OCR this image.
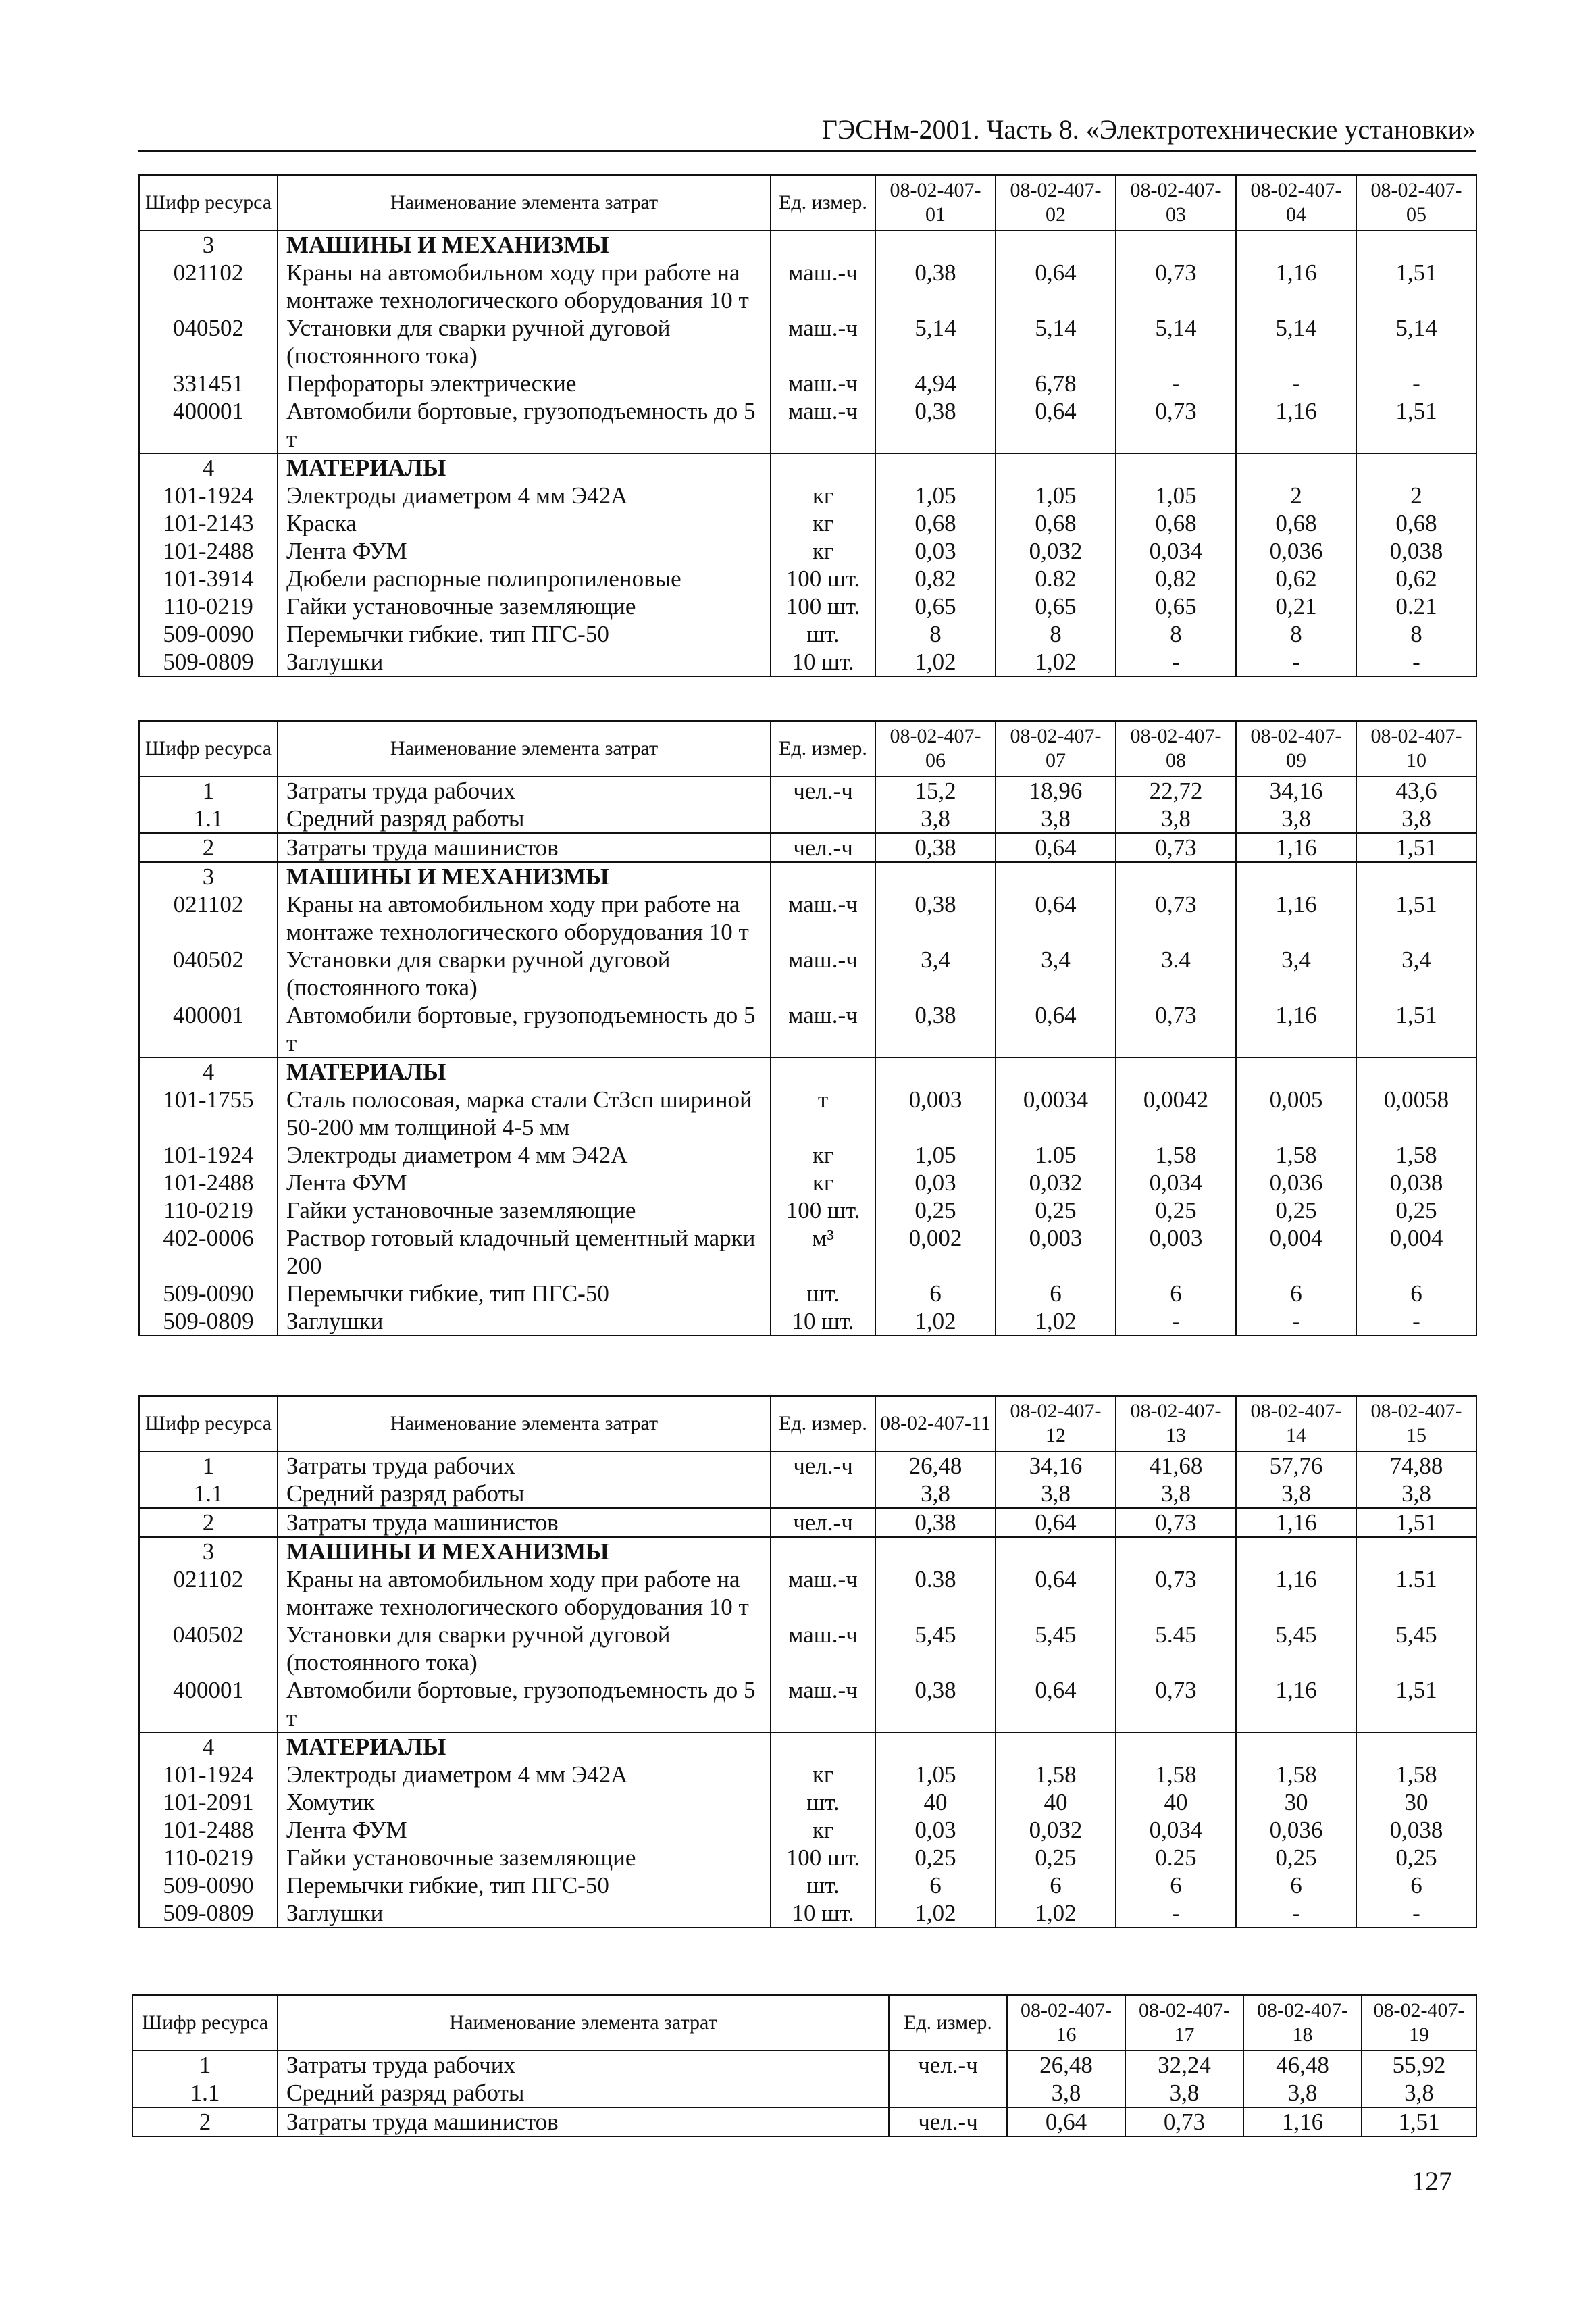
ГЭСНм-2001. Часть 8. «Электротехнические установки»
Шифр ресурса	Наименование элемента затрат	Ед. измер.	08-02-407-01	08-02-407-02	08-02-407-03	08-02-407-04	08-02-407-05
3	МАШИНЫ И МЕХАНИЗМЫ						
021102	Краны на автомобильном ходу при работе на монтаже технологического оборудования 10 т	маш.-ч	0,38	0,64	0,73	1,16	1,51
040502	Установки для сварки ручной дуговой (постоянного тока)	маш.-ч	5,14	5,14	5,14	5,14	5,14
331451	Перфораторы электрические	маш.-ч	4,94	6,78	-	-	-
400001	Автомобили бортовые, грузоподъемность до 5 т	маш.-ч	0,38	0,64	0,73	1,16	1,51
4	МАТЕРИАЛЫ						
101-1924	Электроды диаметром 4 мм Э42А	кг	1,05	1,05	1,05	2	2
101-2143	Краска	кг	0,68	0,68	0,68	0,68	0,68
101-2488	Лента ФУМ	кг	0,03	0,032	0,034	0,036	0,038
101-3914	Дюбели распорные полипропиленовые	100 шт.	0,82	0.82	0,82	0,62	0,62
110-0219	Гайки установочные заземляющие	100 шт.	0,65	0,65	0,65	0,21	0.21
509-0090	Перемычки гибкие. тип ПГС-50	шт.	8	8	8	8	8
509-0809	Заглушки	10 шт.	1,02	1,02	-	-	-
Шифр ресурса	Наименование элемента затрат	Ед. измер.	08-02-407-06	08-02-407-07	08-02-407-08	08-02-407-09	08-02-407-10
1	Затраты труда рабочих	чел.-ч	15,2	18,96	22,72	34,16	43,6
1.1	Средний разряд работы		3,8	3,8	3,8	3,8	3,8
2	Затраты труда машинистов	чел.-ч	0,38	0,64	0,73	1,16	1,51
3	МАШИНЫ И МЕХАНИЗМЫ						
021102	Краны на автомобильном ходу при работе на монтаже технологического оборудования 10 т	маш.-ч	0,38	0,64	0,73	1,16	1,51
040502	Установки для сварки ручной дуговой (постоянного тока)	маш.-ч	3,4	3,4	3.4	3,4	3,4
400001	Автомобили бортовые, грузоподъемность до 5 т	маш.-ч	0,38	0,64	0,73	1,16	1,51
4	МАТЕРИАЛЫ						
101-1755	Сталь полосовая, марка стали Ст3сп шириной 50-200 мм толщиной 4-5 мм	т	0,003	0,0034	0,0042	0,005	0,0058
101-1924	Электроды диаметром 4 мм Э42А	кг	1,05	1.05	1,58	1,58	1,58
101-2488	Лента ФУМ	кг	0,03	0,032	0,034	0,036	0,038
110-0219	Гайки установочные заземляющие	100 шт.	0,25	0,25	0,25	0,25	0,25
402-0006	Раствор готовый кладочный цементный марки 200	м³	0,002	0,003	0,003	0,004	0,004
509-0090	Перемычки гибкие, тип ПГС-50	шт.	6	6	6	6	6
509-0809	Заглушки	10 шт.	1,02	1,02	-	-	-
Шифр ресурса	Наименование элемента затрат	Ед. измер.	08-02-407-11	08-02-407-12	08-02-407-13	08-02-407-14	08-02-407-15
1	Затраты труда рабочих	чел.-ч	26,48	34,16	41,68	57,76	74,88
1.1	Средний разряд работы		3,8	3,8	3,8	3,8	3,8
2	Затраты труда машинистов	чел.-ч	0,38	0,64	0,73	1,16	1,51
3	МАШИНЫ И МЕХАНИЗМЫ						
021102	Краны на автомобильном ходу при работе на монтаже технологического оборудования 10 т	маш.-ч	0.38	0,64	0,73	1,16	1.51
040502	Установки для сварки ручной дуговой (постоянного тока)	маш.-ч	5,45	5,45	5.45	5,45	5,45
400001	Автомобили бортовые, грузоподъемность до 5 т	маш.-ч	0,38	0,64	0,73	1,16	1,51
4	МАТЕРИАЛЫ						
101-1924	Электроды диаметром 4 мм Э42А	кг	1,05	1,58	1,58	1,58	1,58
101-2091	Хомутик	шт.	40	40	40	30	30
101-2488	Лента ФУМ	кг	0,03	0,032	0,034	0,036	0,038
110-0219	Гайки установочные заземляющие	100 шт.	0,25	0,25	0.25	0,25	0,25
509-0090	Перемычки гибкие, тип ПГС-50	шт.	6	6	6	6	6
509-0809	Заглушки	10 шт.	1,02	1,02	-	-	-
Шифр ресурса	Наименование элемента затрат	Ед. измер.	08-02-407-16	08-02-407-17	08-02-407-18	08-02-407-19
1	Затраты труда рабочих	чел.-ч	26,48	32,24	46,48	55,92
1.1	Средний разряд работы		3,8	3,8	3,8	3,8
2	Затраты труда машинистов	чел.-ч	0,64	0,73	1,16	1,51
127
